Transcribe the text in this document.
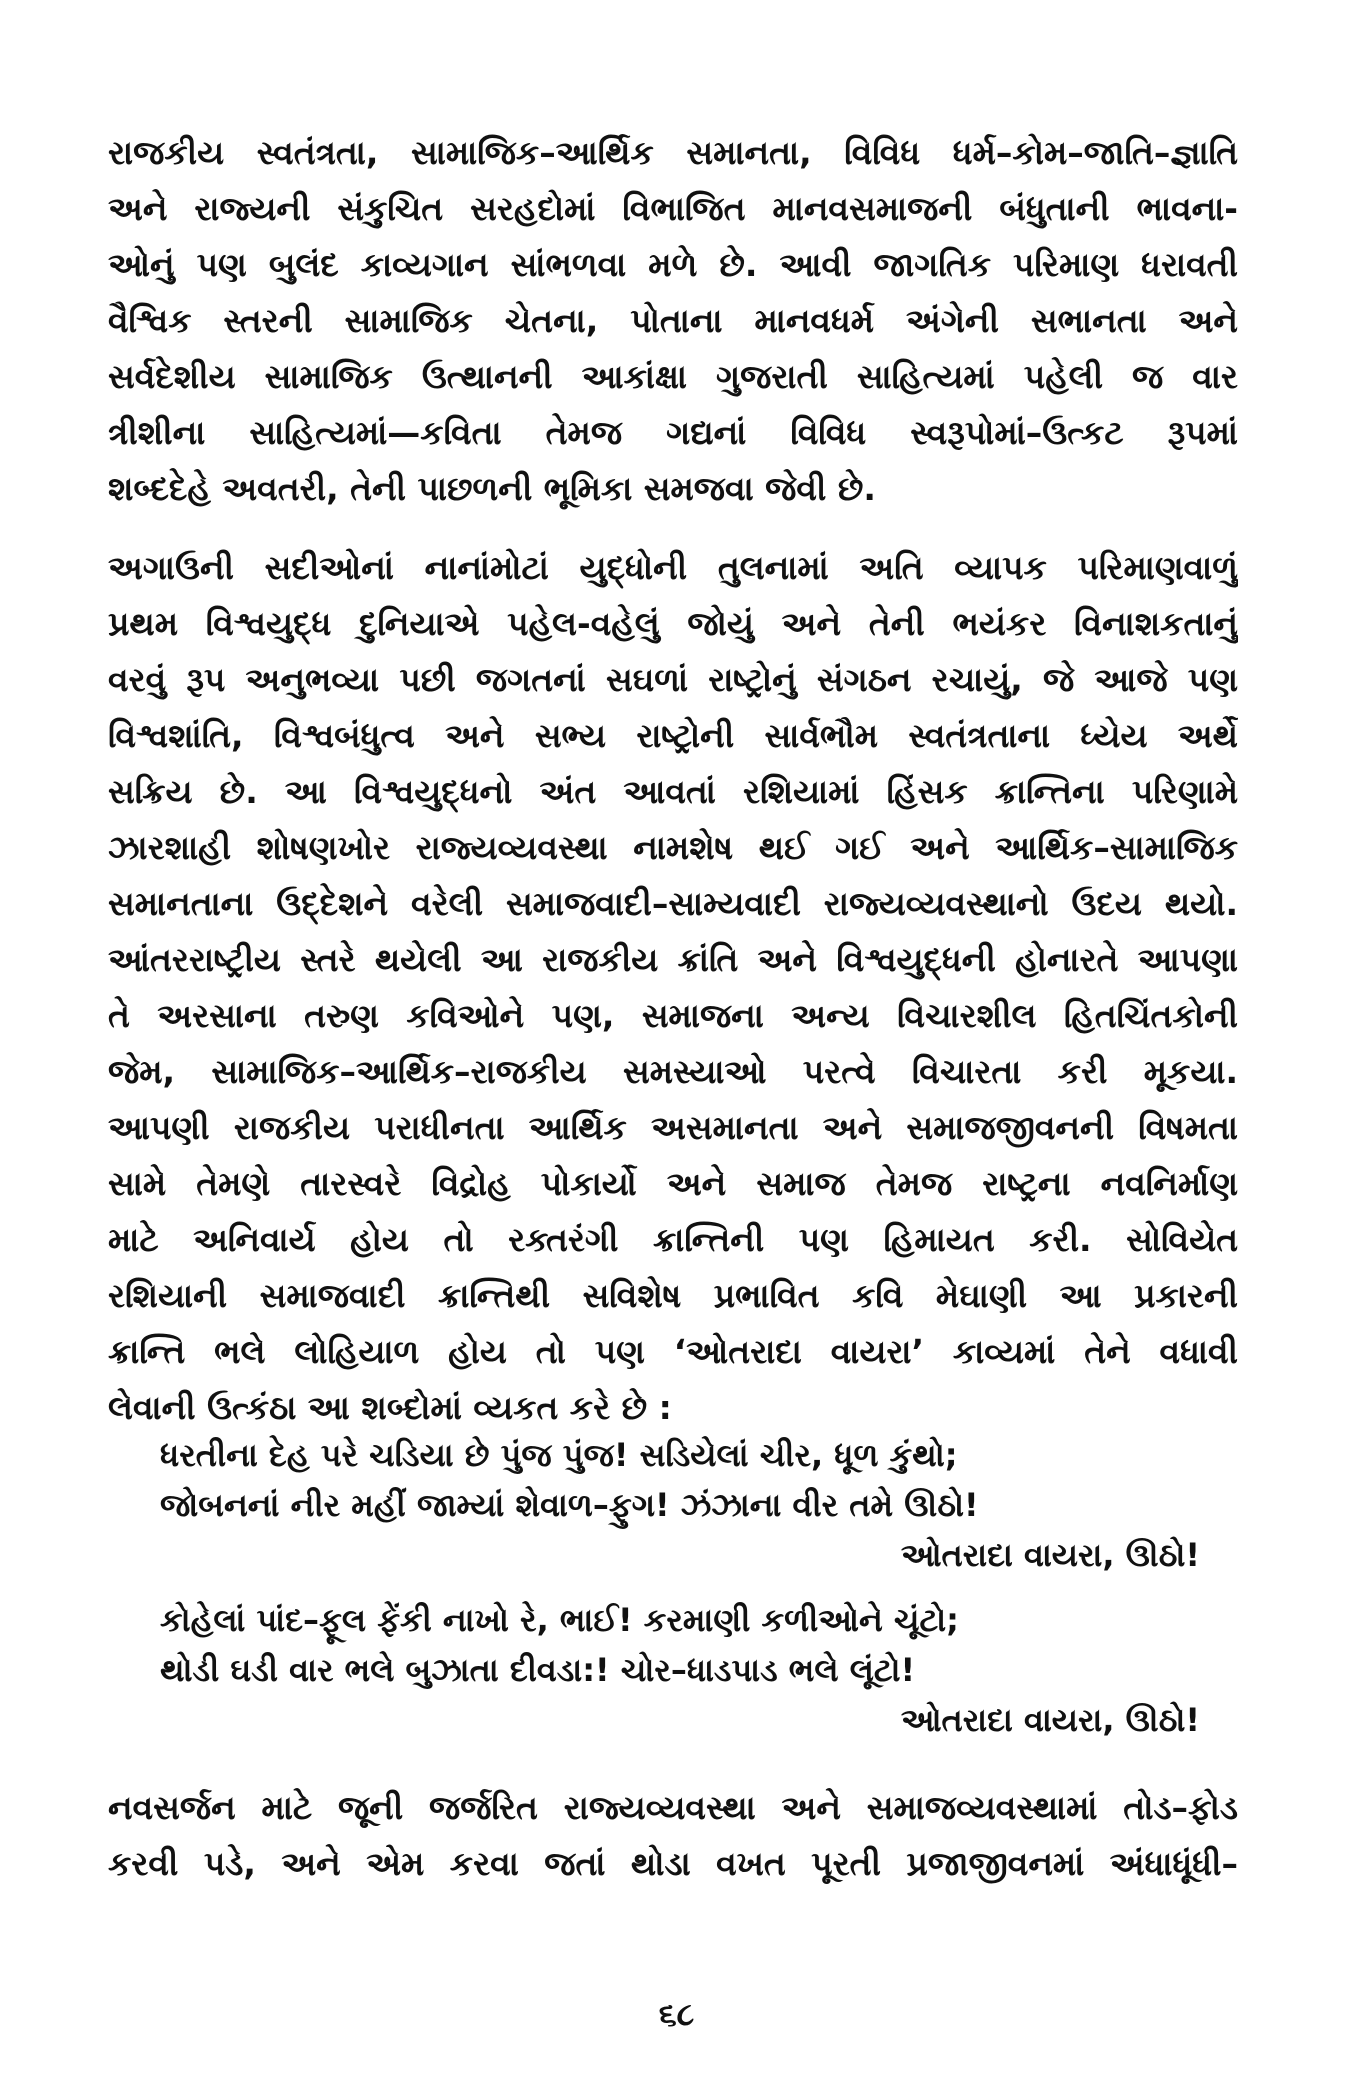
રાજકીય સ્વતંત્રતા, સામાજિક–આર્થિક સમાનતા, વિવિધ ધર્મ–કોમ–જાતિ–જ્ઞાતિ
અને રાજ્યની સંકુચિત સરહદોમાં વિભાજિત માનવસમાજની બંધુતાની ભાવના-
ઓનું પણ બુલંદ કાવ્યગાન સાંભળવા મળે છે. આવી જાગતિક પરિમાણ ધરાવતી
વૈશ્વિક સ્તરની સામાજિક ચેતના, પોતાના માનવધર્મ અંગેની સભાનતા અને
સર્વદેશીય સામાજિક ઉત્થાનની આકાંક્ષા ગુજરાતી સાહિત્યમાં પહેલી જ વાર
ત્રીશીના સાહિત્યમાં—કવિતા તેમજ ગદ્યનાં વિવિધ સ્વરૂપોમાં–ઉત્કટ રૂપમાં
શબ્દદેહે અવતરી, તેની પાછળની ભૂમિકા સમજવા જેવી છે.
અગાઉની સદીઓનાં નાનાંમોટાં યુદ્ધોની તુલનામાં અતિ વ્યાપક પરિમાણવાળું
પ્રથમ વિશ્વયુદ્ધ દુનિયાએ પહેલ-વહેલું જોયું અને તેની ભયંકર વિનાશકતાનું
વરવું રૂપ અનુભવ્યા પછી જગતનાં સઘળાં રાષ્ટ્રોનું સંગઠન રચાયું, જે આજે પણ
વિશ્વશાંતિ, વિશ્વબંધુત્વ અને સભ્ય રાષ્ટ્રોની સાર્વભૌમ સ્વતંત્રતાના ધ્યેય અર્થે
સક્રિય છે. આ વિશ્વયુદ્ધનો અંત આવતાં રશિયામાં હિંસક ક્રાન્તિના પરિણામે
ઝારશાહી શોષણખોર રાજ્યવ્યવસ્થા નામશેષ થઈ ગઈ અને આર્થિક–સામાજિક
સમાનતાના ઉદ્દેશને વરેલી સમાજવાદી–સામ્યવાદી રાજ્યવ્યવસ્થાનો ઉદય થયો.
આંતરરાષ્ટ્રીય સ્તરે થયેલી આ રાજકીય ક્રાંતિ અને વિશ્વયુદ્ધની હોનારતે આપણા
તે અરસાના તરુણ કવિઓને પણ, સમાજના અન્ય વિચારશીલ હિતચિંતકોની
જેમ, સામાજિક–આર્થિક–રાજકીય સમસ્યાઓ પરત્વે વિચારતા કરી મૂકયા.
આપણી રાજકીય પરાધીનતા આર્થિક અસમાનતા અને સમાજજીવનની વિષમતા
સામે તેમણે તારસ્વરે વિદ્રોહ પોકાર્યો અને સમાજ તેમજ રાષ્ટ્રના નવનિર્માણ
માટે અનિવાર્ય હોય તો રક્તરંગી ક્રાન્તિની પણ હિમાયત કરી. સોવિયેત
રશિયાની સમાજવાદી ક્રાન્તિથી સવિશેષ પ્રભાવિત કવિ મેઘાણી આ પ્રકારની
ક્રાન્તિ ભલે લોહિયાળ હોય તો પણ ‘ઓતરાદા વાયરા’ કાવ્યમાં તેને વધાવી
લેવાની ઉત્કંઠા આ શબ્દોમાં વ્યકત કરે છે :
ધરતીના દેહ પરે ચડિયા છે પુંજ પુંજ! સડિયેલાં ચીર, ધૂળ કુંથો;
જોબનનાં નીર મહીં જામ્યાં શેવાળ–ફુગ! ઝંઝાના વીર તમે ઊઠો!
ઓતરાદા વાયરા, ઊઠો!
કોહેલાં પાંદ–ફૂલ ફેંકી નાખો રે, ભાઈ! કરમાણી કળીઓને ચૂંટો;
થોડી ઘડી વાર ભલે બુઝાતા દીવડા:! ચોર–ધાડપાડ ભલે લૂંટો!
ઓતરાદા વાયરા, ઊઠો!
નવસર્જન માટે જૂની જર્જરિત રાજ્યવ્યવસ્થા અને સમાજવ્યવસ્થામાં તોડ–ફોડ
કરવી પડે, અને એમ કરવા જતાં થોડા વખત પૂરતી પ્રજાજીવનમાં અંધાધૂંધી–
૬૮
